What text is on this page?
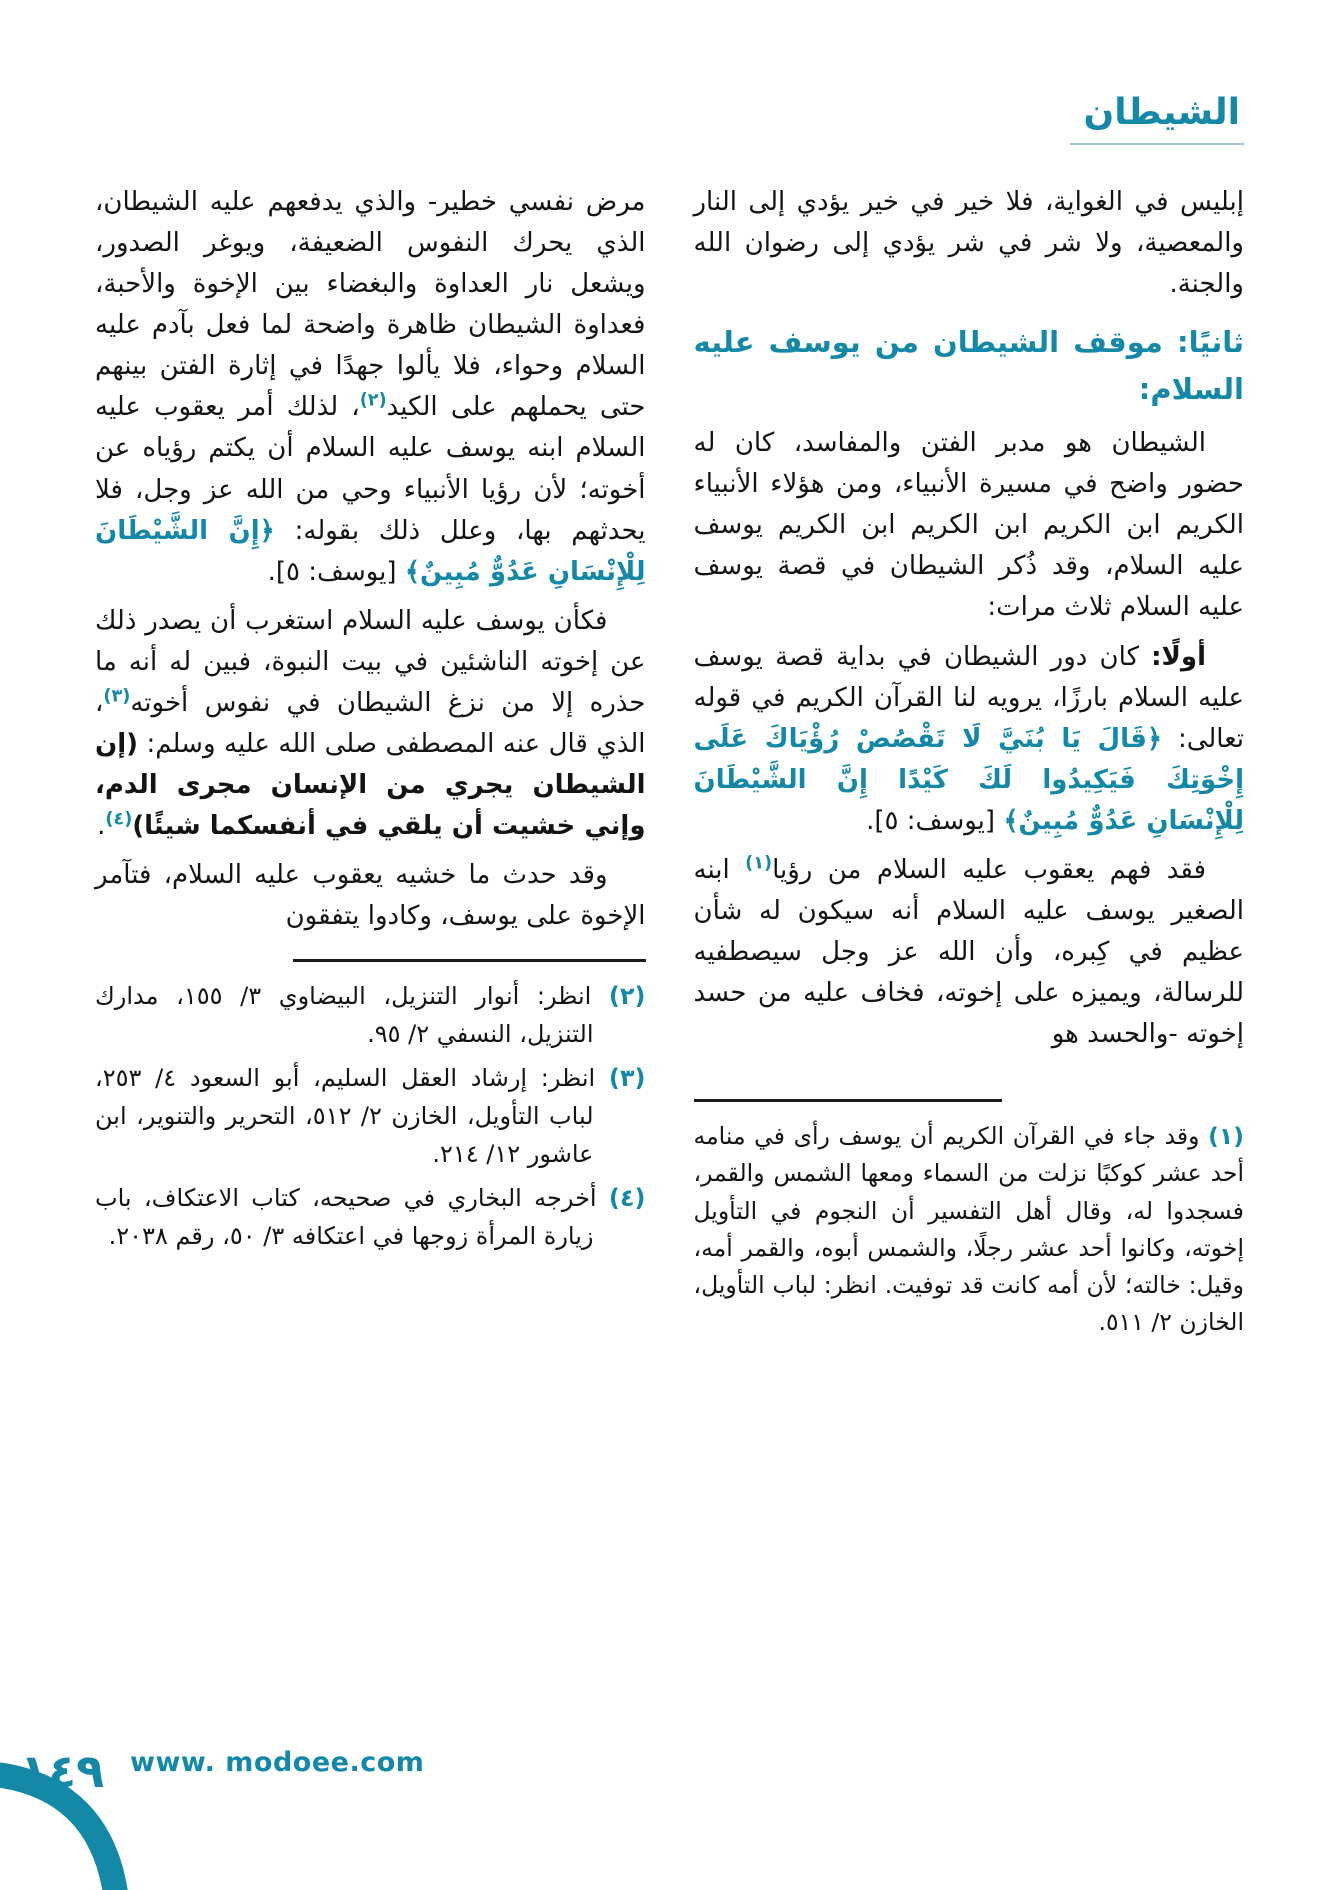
الشيطان

إبليس في الغواية، فلا خير في خير يؤدي إلى النار والمعصية، ولا شر في شر يؤدي إلى رضوان الله والجنة.

ثانيًا: موقف الشيطان من يوسف عليه السلام:

الشيطان هو مدبر الفتن والمفاسد، كان له حضور واضح في مسيرة الأنبياء، ومن هؤلاء الأنبياء الكريم ابن الكريم ابن الكريم ابن الكريم يوسف عليه السلام، وقد ذُكر الشيطان في قصة يوسف عليه السلام ثلاث مرات:

أولًا: كان دور الشيطان في بداية قصة يوسف عليه السلام بارزًا، يرويه لنا القرآن الكريم في قوله تعالى: ﴿قَالَ يَا بُنَيَّ لَا تَقْصُصْ رُؤْيَاكَ عَلَى إِخْوَتِكَ فَيَكِيدُوا لَكَ كَيْدًا إِنَّ الشَّيْطَانَ لِلْإِنْسَانِ عَدُوٌّ مُبِينٌ﴾ [يوسف: ٥].

فقد فهم يعقوب عليه السلام من رؤيا$^{(١)}$ ابنه الصغير يوسف عليه السلام أنه سيكون له شأن عظيم في كِبره، وأن الله عز وجل سيصطفيه للرسالة، ويميزه على إخوته، فخاف عليه من حسد إخوته -والحسد هو

(١) وقد جاء في القرآن الكريم أن يوسف رأى في منامه أحد عشر كوكبًا نزلت من السماء ومعها الشمس والقمر، فسجدوا له، وقال أهل التفسير أن النجوم في التأويل إخوته، وكانوا أحد عشر رجلًا، والشمس أبوه، والقمر أمه، وقيل: خالته؛ لأن أمه كانت قد توفيت. انظر: لباب التأويل، الخازن ٢/ ٥١١.

مرض نفسي خطير- والذي يدفعهم عليه الشيطان، الذي يحرك النفوس الضعيفة، ويوغر الصدور، ويشعل نار العداوة والبغضاء بين الإخوة والأحبة، فعداوة الشيطان ظاهرة واضحة لما فعل بآدم عليه السلام وحواء، فلا يألوا جهدًا في إثارة الفتن بينهم حتى يحملهم على الكيد$^{(٢)}$، لذلك أمر يعقوب عليه السلام ابنه يوسف عليه السلام أن يكتم رؤياه عن أخوته؛ لأن رؤيا الأنبياء وحي من الله عز وجل، فلا يحدثهم بها، وعلل ذلك بقوله: ﴿إِنَّ الشَّيْطَانَ لِلْإِنْسَانِ عَدُوٌّ مُبِينٌ﴾ [يوسف: ٥].

فكأن يوسف عليه السلام استغرب أن يصدر ذلك عن إخوته الناشئين في بيت النبوة، فبين له أنه ما حذره إلا من نزغ الشيطان في نفوس أخوته$^{(٣)}$، الذي قال عنه المصطفى صلى الله عليه وسلم: (إن الشيطان يجري من الإنسان مجرى الدم، وإني خشيت أن يلقي في أنفسكما شيئًا)$^{(٤)}$.

وقد حدث ما خشيه يعقوب عليه السلام، فتآمر الإخوة على يوسف، وكادوا يتفقون

(٢) انظر: أنوار التنزيل، البيضاوي ٣/ ١٥٥، مدارك التنزيل، النسفي ٢/ ٩٥.
(٣) انظر: إرشاد العقل السليم، أبو السعود ٤/ ٢٥٣، لباب التأويل، الخازن ٢/ ٥١٢، التحرير والتنوير، ابن عاشور ١٢/ ٢١٤.
(٤) أخرجه البخاري في صحيحه، كتاب الاعتكاف، باب زيارة المرأة زوجها في اعتكافه ٣/ ٥٠، رقم ٢٠٣٨.
١٤٩ www. modoee.com
